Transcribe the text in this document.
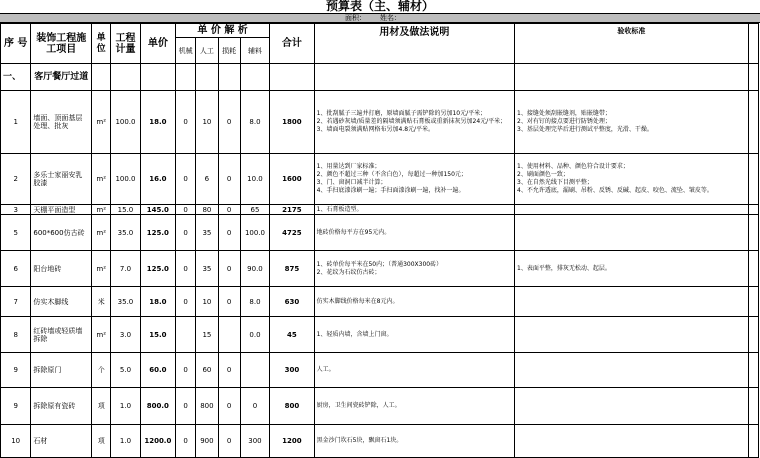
预算表（主、辅材）
面积： 姓名：
序 号	装饰工程施工项目	单位	工程计量	单价	单 价 解 析				合计	用材及做法说明	验收标准	
					机械	人工	损耗	辅料				
一、	客厅餐厅过道											
1	墙面、顶面基层处理、批灰	m²	100.0	18.0	0	10	0	8.0	1800	1、批刮腻子三遍并打磨，原墙面腻子需铲除的另加10元/平米；
2、若遇砂灰墙/质量差的隔墙须满贴石膏板或重新抹灰另加24元/平米；
3、墙面电裂须满贴网格布另加4.8元/平米。	1、接缝处须刮嵌缝剂，贴嵌缝带；
2、对有钉的接点要进行防锈处理；
3、基层处理完毕后进行测试平整度，光滑、干燥。	
2	多乐士家丽安乳胶漆	m²	100.0	16.0	0	6	0	10.0	1600	1、用量达到厂家标准；
2、颜色不超过三种（不含白色），每超过一种加150元；
3、门、窗洞口减半计算；
4、手扫底漆涂刷一遍；手扫面漆涂刷一遍，找补一遍。	1、使用材料、品种、颜色符合设计要求；
2、刷面颜色一致；
3、在自然光线下目测平整；
4、不允许透底，漏刷、吊粉、反锈、反碱、起皮、咬色、流坠、皱皮等。	
3	天棚平面造型	m²	15.0	145.0	0	80	0	65	2175	1、石膏板造型。		
5	600*600仿古砖	m²	35.0	125.0	0	35	0	100.0	4725	地砖价格每平方在95元内。		
6	阳台地砖	m²	7.0	125.0	0	35	0	90.0	875	1、砖单价每平米在50内；（普通300X300砖）
2、花纹为石纹仿古砖；	1、表面平整，排灰无松动、起层。	
7	仿实木脚线	米	35.0	18.0	0	10	0	8.0	630	仿实木脚线价格每米在8元内。		
8	红砖墙或轻质墙拆除	m²	3.0	15.0		15		0.0	45	1、轻质内墙，含墙上门窗。		
9	拆除原门	个	5.0	60.0	0	60	0		300	人工。		
9	拆除原有瓷砖	项	1.0	800.0	0	800	0	0	800	厨房，卫生间瓷砖铲除，人工。		
10	石材	项	1.0	1200.0	0	900	0	300	1200	黑金沙门坎石5块，飘窗石1块。		
